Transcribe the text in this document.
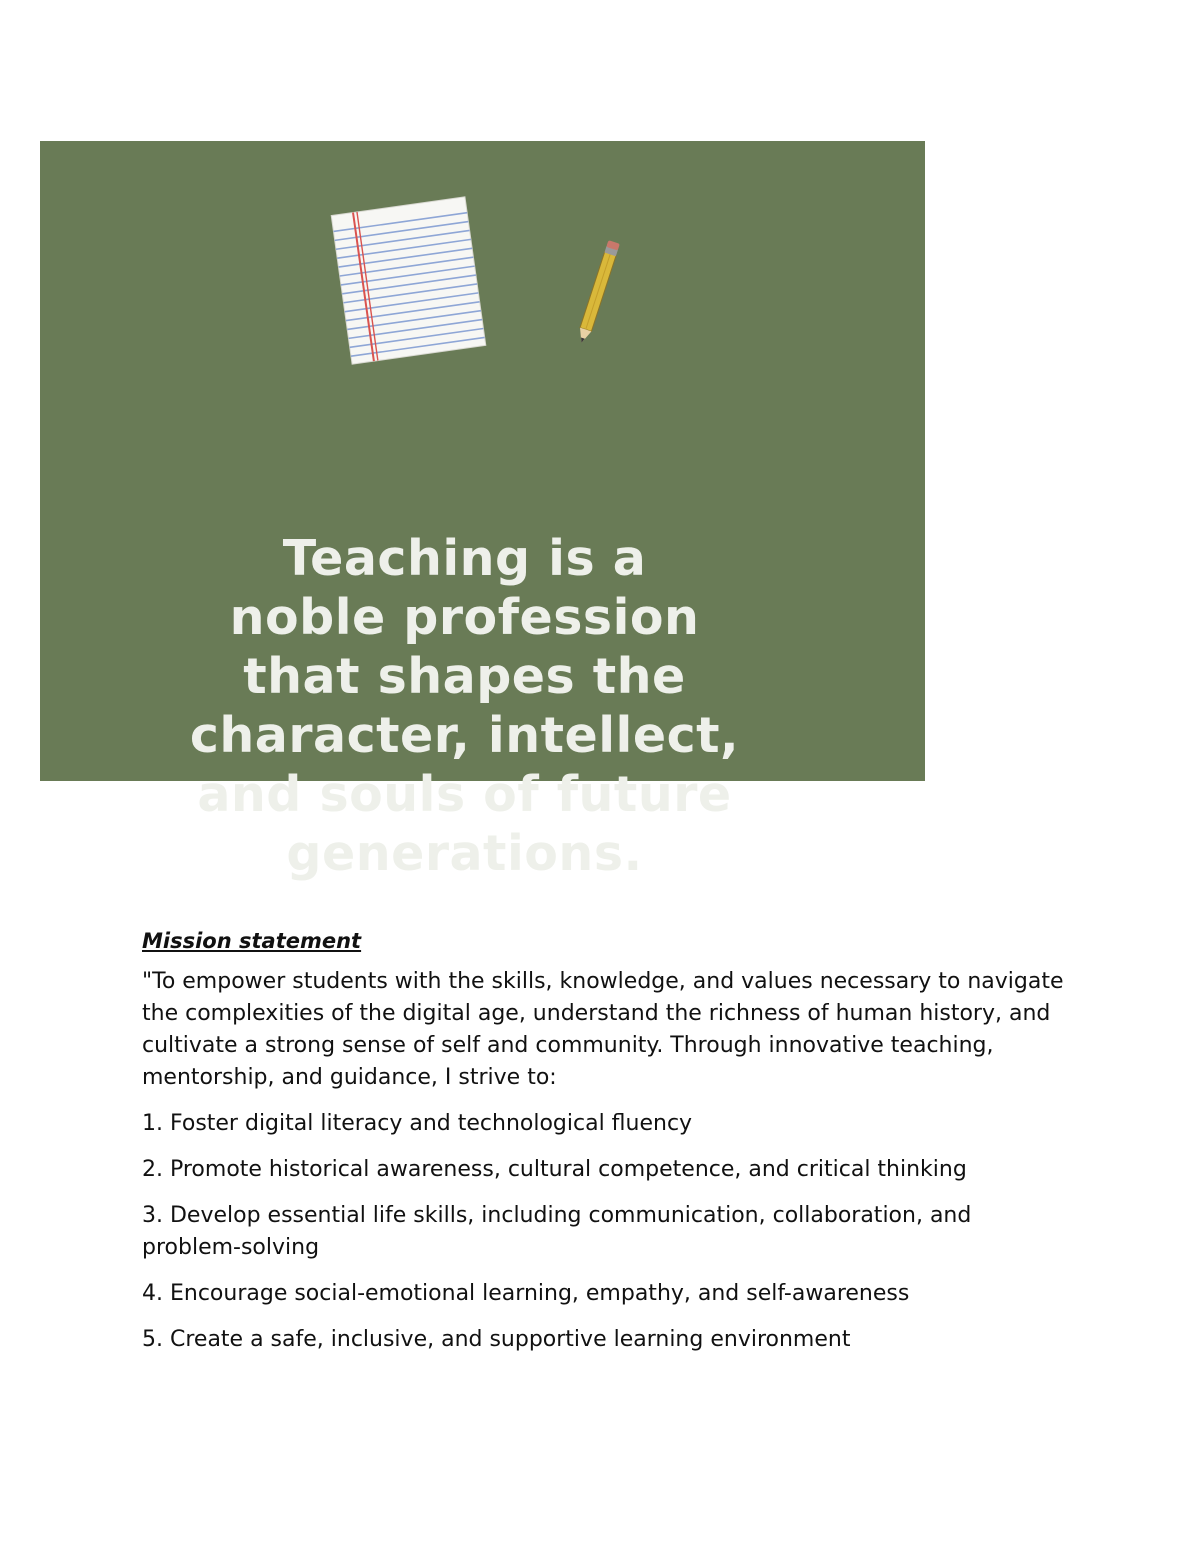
Teaching is a
noble profession
that shapes the
character, intellect,
and souls of future
generations.
Mission statement

"To empower students with the skills, knowledge, and values necessary to navigate the complexities of the digital age, understand the richness of human history, and cultivate a strong sense of self and community. Through innovative teaching, mentorship, and guidance, I strive to:

1. Foster digital literacy and technological fluency
2. Promote historical awareness, cultural competence, and critical thinking
3. Develop essential life skills, including communication, collaboration, and problem-solving
4. Encourage social-emotional learning, empathy, and self-awareness
5. Create a safe, inclusive, and supportive learning environment
